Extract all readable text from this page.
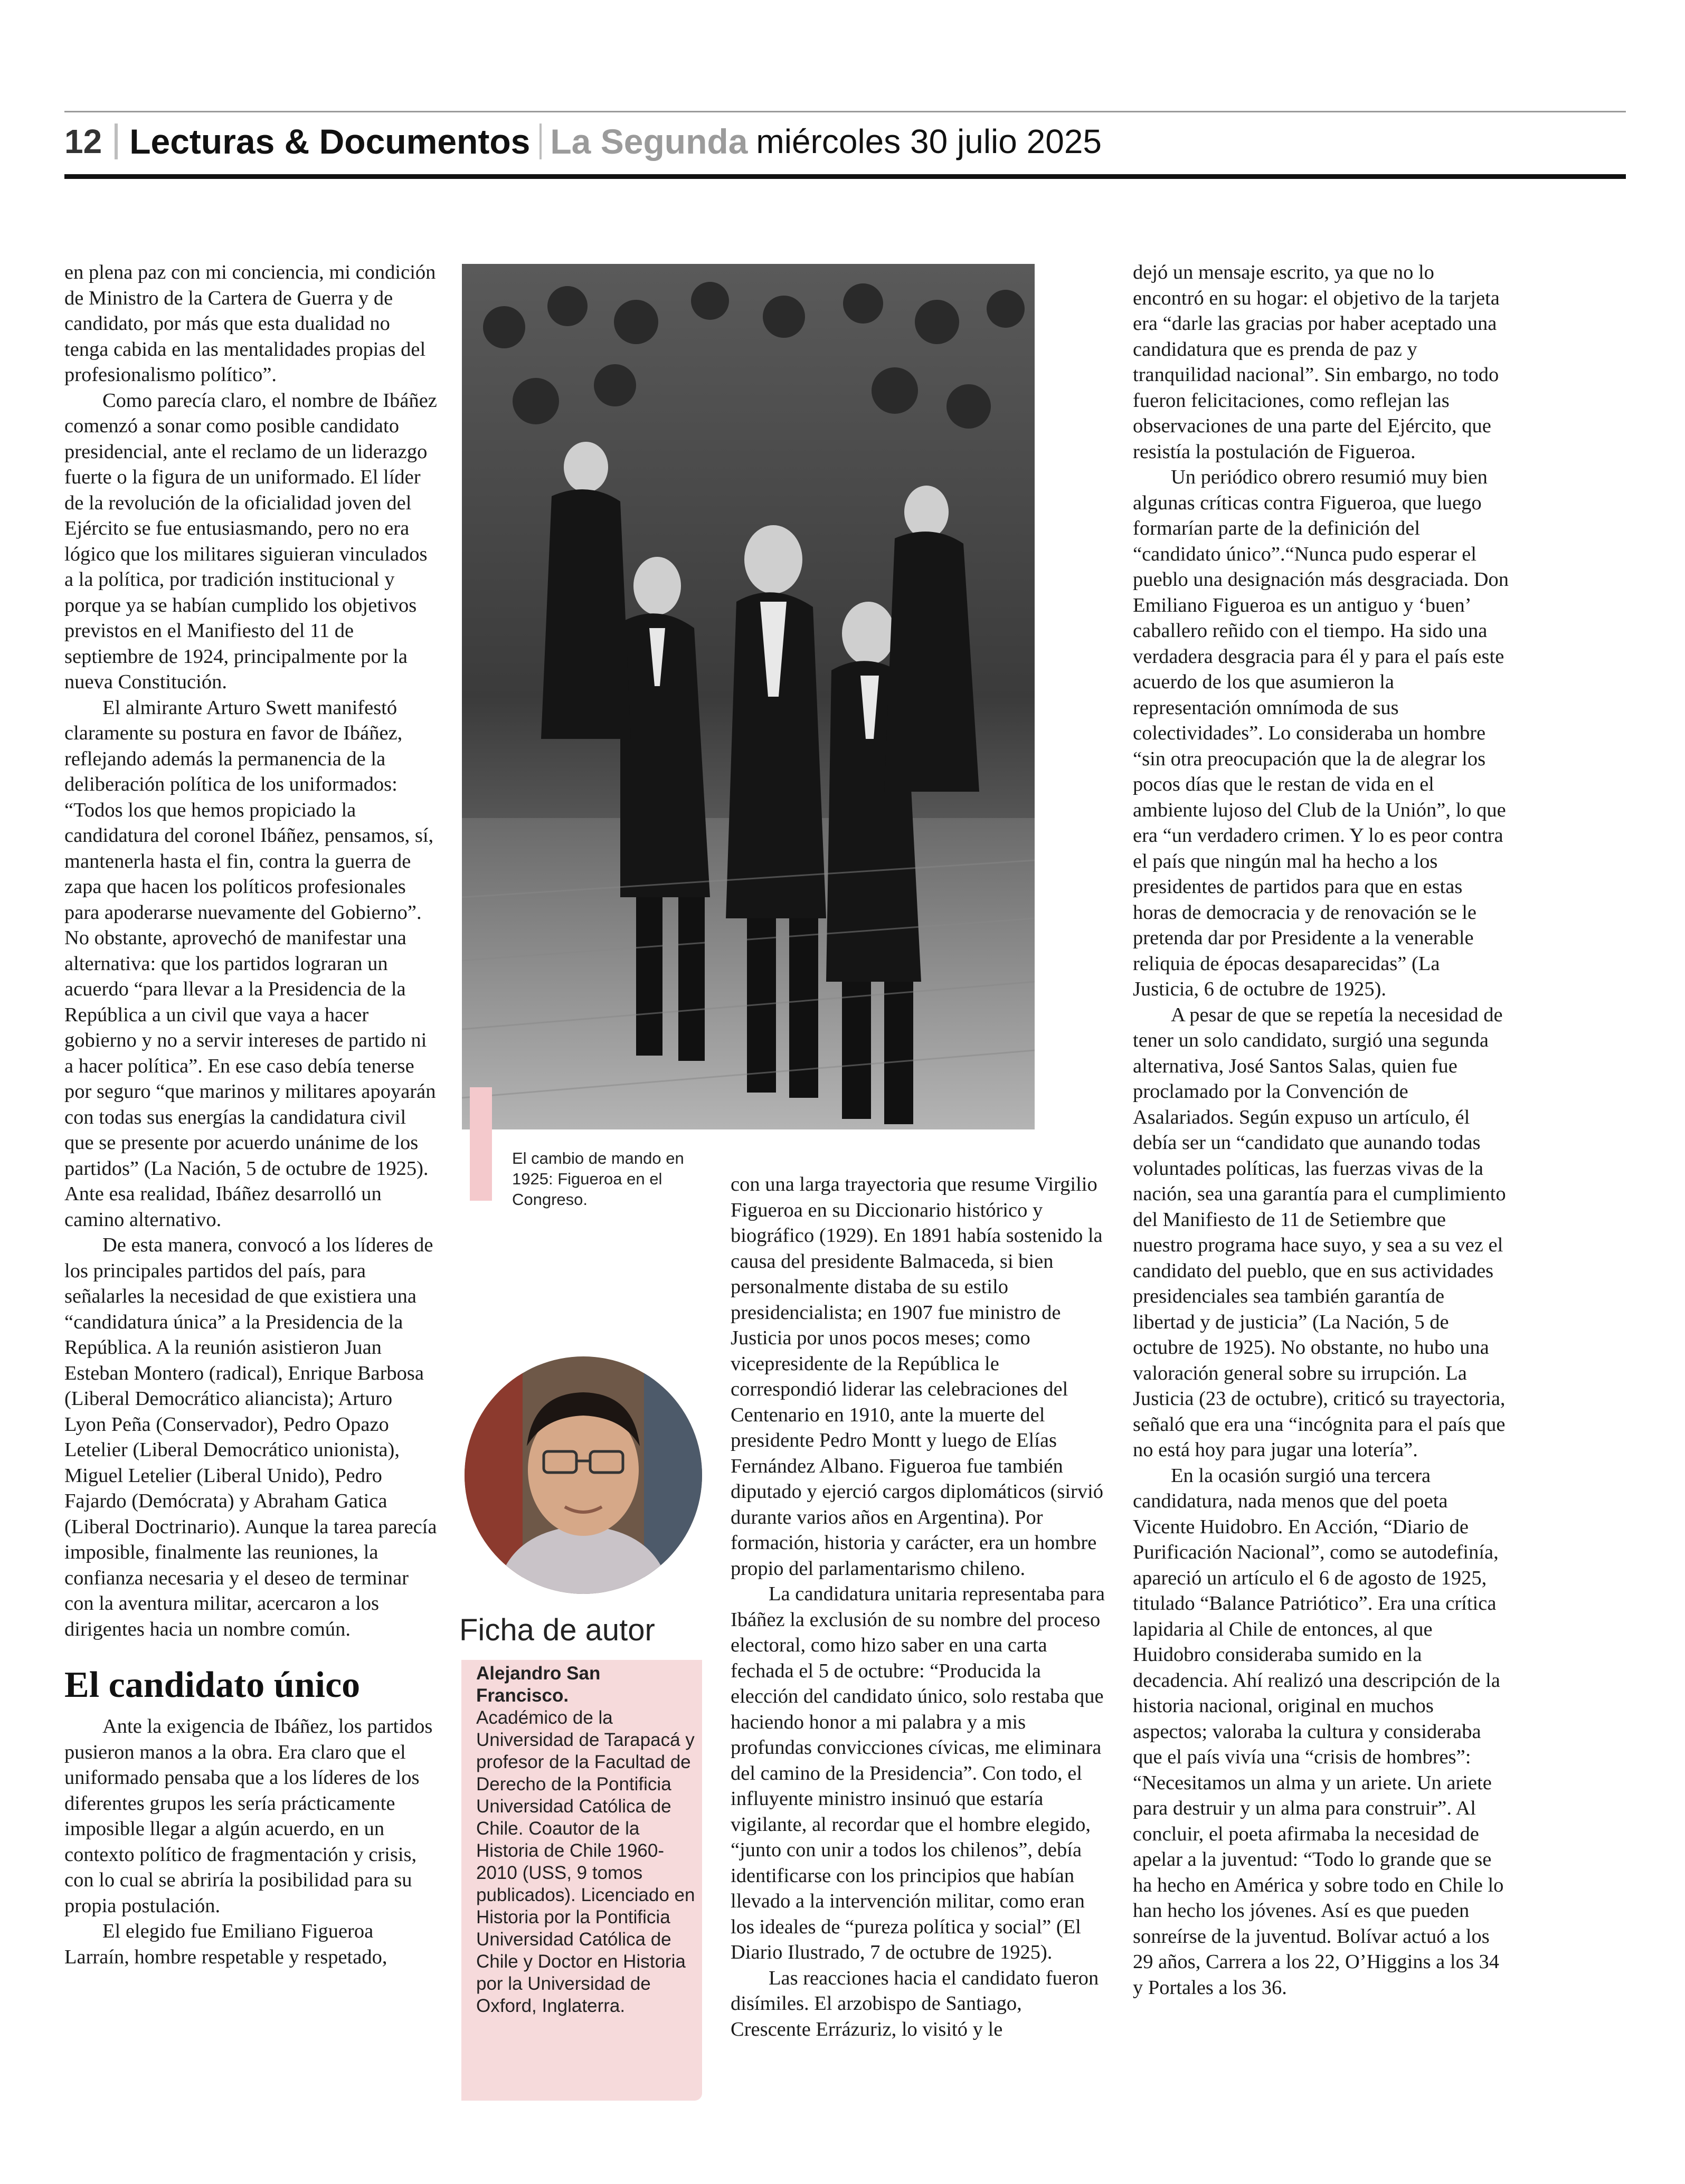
12 Lecturas & Documentos La Segunda miércoles 30 julio 2025

en plena paz con mi conciencia, mi condición de Ministro de la Cartera de Guerra y de candidato, por más que esta dualidad no tenga cabida en las mentalidades propias del profesionalismo político”.

Como parecía claro, el nombre de Ibáñez comenzó a sonar como posible candidato presidencial, ante el reclamo de un liderazgo fuerte o la figura de un uniformado. El líder de la revolución de la oficialidad joven del Ejército se fue entusiasmando, pero no era lógico que los militares siguieran vinculados a la política, por tradición institucional y porque ya se habían cumplido los objetivos previstos en el Manifiesto del 11 de septiembre de 1924, principalmente por la nueva Constitución.

El almirante Arturo Swett manifestó claramente su postura en favor de Ibáñez, reflejando además la permanencia de la deliberación política de los uniformados: “Todos los que hemos propiciado la candidatura del coronel Ibáñez, pensamos, sí, mantenerla hasta el fin, contra la guerra de zapa que hacen los políticos profesionales para apoderarse nuevamente del Gobierno”. No obstante, aprovechó de manifestar una alternativa: que los partidos lograran un acuerdo “para llevar a la Presidencia de la República a un civil que vaya a hacer gobierno y no a servir intereses de partido ni a hacer política”. En ese caso debía tenerse por seguro “que marinos y militares apoyarán con todas sus energías la candidatura civil que se presente por acuerdo unánime de los partidos” (La Nación, 5 de octubre de 1925). Ante esa realidad, Ibáñez desarrolló un camino alternativo.

De esta manera, convocó a los líderes de los principales partidos del país, para señalarles la necesidad de que existiera una “candidatura única” a la Presidencia de la República. A la reunión asistieron Juan Esteban Montero (radical), Enrique Barbosa (Liberal Democrático aliancista); Arturo Lyon Peña (Conservador), Pedro Opazo Letelier (Liberal Democrático unionista), Miguel Letelier (Liberal Unido), Pedro Fajardo (Demócrata) y Abraham Gatica (Liberal Doctrinario). Aunque la tarea parecía imposible, finalmente las reuniones, la confianza necesaria y el deseo de terminar con la aventura militar, acercaron a los dirigentes hacia un nombre común.

El candidato único

Ante la exigencia de Ibáñez, los partidos pusieron manos a la obra. Era claro que el uniformado pensaba que a los líderes de los diferentes grupos les sería prácticamente imposible llegar a algún acuerdo, en un contexto político de fragmentación y crisis, con lo cual se abriría la posibilidad para su propia postulación.

El elegido fue Emiliano Figueroa Larraín, hombre respetable y respetado,

El cambio de mando en 1925: Figueroa en el Congreso.

con una larga trayectoria que resume Virgilio Figueroa en su Diccionario histórico y biográfico (1929). En 1891 había sostenido la causa del presidente Balmaceda, si bien personalmente distaba de su estilo presidencialista; en 1907 fue ministro de Justicia por unos pocos meses; como vicepresidente de la República le correspondió liderar las celebraciones del Centenario en 1910, ante la muerte del presidente Pedro Montt y luego de Elías Fernández Albano. Figueroa fue también diputado y ejerció cargos diplomáticos (sirvió durante varios años en Argentina). Por formación, historia y carácter, era un hombre propio del parlamentarismo chileno.

La candidatura unitaria representaba para Ibáñez la exclusión de su nombre del proceso electoral, como hizo saber en una carta fechada el 5 de octubre: “Producida la elección del candidato único, solo restaba que haciendo honor a mi palabra y a mis profundas convicciones cívicas, me eliminara del camino de la Presidencia”. Con todo, el influyente ministro insinuó que estaría vigilante, al recordar que el hombre elegido, “junto con unir a todos los chilenos”, debía identificarse con los principios que habían llevado a la intervención militar, como eran los ideales de “pureza política y social” (El Diario Ilustrado, 7 de octubre de 1925).

Las reacciones hacia el candidato fueron disímiles. El arzobispo de Santiago, Crescente Errázuriz, lo visitó y le

Ficha de autor
Alejandro San Francisco.
Académico de la Universidad de Tarapacá y profesor de la Facultad de Derecho de la Pontificia Universidad Católica de Chile. Coautor de la Historia de Chile 1960-2010 (USS, 9 tomos publicados). Licenciado en Historia por la Pontificia Universidad Católica de Chile y Doctor en Historia por la Universidad de Oxford, Inglaterra.

dejó un mensaje escrito, ya que no lo encontró en su hogar: el objetivo de la tarjeta era “darle las gracias por haber aceptado una candidatura que es prenda de paz y tranquilidad nacional”. Sin embargo, no todo fueron felicitaciones, como reflejan las observaciones de una parte del Ejército, que resistía la postulación de Figueroa.

Un periódico obrero resumió muy bien algunas críticas contra Figueroa, que luego formarían parte de la definición del “candidato único”.“Nunca pudo esperar el pueblo una designación más desgraciada. Don Emiliano Figueroa es un antiguo y ‘buen’ caballero reñido con el tiempo. Ha sido una verdadera desgracia para él y para el país este acuerdo de los que asumieron la representación omnímoda de sus colectividades”. Lo consideraba un hombre “sin otra preocupación que la de alegrar los pocos días que le restan de vida en el ambiente lujoso del Club de la Unión”, lo que era “un verdadero crimen. Y lo es peor contra el país que ningún mal ha hecho a los presidentes de partidos para que en estas horas de democracia y de renovación se le pretenda dar por Presidente a la venerable reliquia de épocas desaparecidas” (La Justicia, 6 de octubre de 1925).

A pesar de que se repetía la necesidad de tener un solo candidato, surgió una segunda alternativa, José Santos Salas, quien fue proclamado por la Convención de Asalariados. Según expuso un artículo, él debía ser un “candidato que aunando todas voluntades políticas, las fuerzas vivas de la nación, sea una garantía para el cumplimiento del Manifiesto de 11 de Setiembre que nuestro programa hace suyo, y sea a su vez el candidato del pueblo, que en sus actividades presidenciales sea también garantía de libertad y de justicia” (La Nación, 5 de octubre de 1925). No obstante, no hubo una valoración general sobre su irrupción. La Justicia (23 de octubre), criticó su trayectoria, señaló que era una “incógnita para el país que no está hoy para jugar una lotería”.

En la ocasión surgió una tercera candidatura, nada menos que del poeta Vicente Huidobro. En Acción, “Diario de Purificación Nacional”, como se autodefinía, apareció un artículo el 6 de agosto de 1925, titulado “Balance Patriótico”. Era una crítica lapidaria al Chile de entonces, al que Huidobro consideraba sumido en la decadencia. Ahí realizó una descripción de la historia nacional, original en muchos aspectos; valoraba la cultura y consideraba que el país vivía una “crisis de hombres”: “Necesitamos un alma y un ariete. Un ariete para destruir y un alma para construir”. Al concluir, el poeta afirmaba la necesidad de apelar a la juventud: “Todo lo grande que se ha hecho en América y sobre todo en Chile lo han hecho los jóvenes. Así es que pueden sonreírse de la juventud. Bolívar actuó a los 29 años, Carrera a los 22, O’Higgins a los 34 y Portales a los 36.
